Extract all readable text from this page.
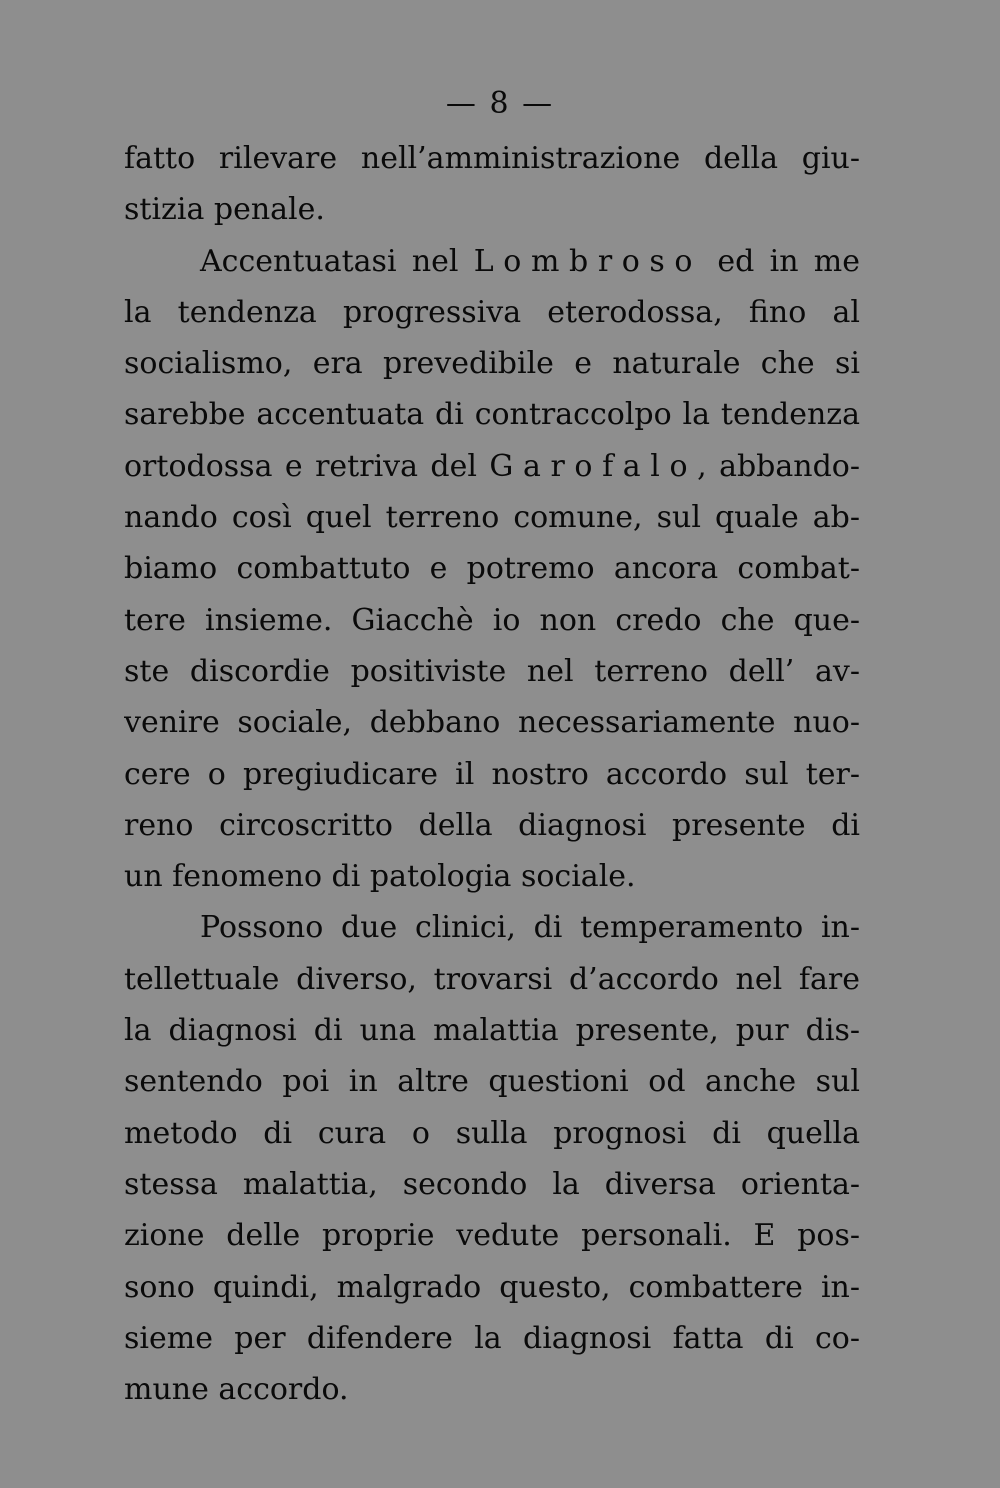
— 8 —
fatto rilevare nell’amministrazione della giu-
stizia penale.
Accentuatasi nel Lombroso ed in me
la tendenza progressiva eterodossa, fino al
socialismo, era prevedibile e naturale che si
sarebbe accentuata di contraccolpo la tendenza
ortodossa e retriva del Garofalo, abbando-
nando così quel terreno comune, sul quale ab-
biamo combattuto e potremo ancora combat-
tere insieme. Giacchè io non credo che que-
ste discordie positiviste nel terreno dell’ av-
venire sociale, debbano necessariamente nuo-
cere o pregiudicare il nostro accordo sul ter-
reno circoscritto della diagnosi presente di
un fenomeno di patologia sociale.
Possono due clinici, di temperamento in-
tellettuale diverso, trovarsi d’accordo nel fare
la diagnosi di una malattia presente, pur dis-
sentendo poi in altre questioni od anche sul
metodo di cura o sulla prognosi di quella
stessa malattia, secondo la diversa orienta-
zione delle proprie vedute personali. E pos-
sono quindi, malgrado questo, combattere in-
sieme per difendere la diagnosi fatta di co-
mune accordo.
